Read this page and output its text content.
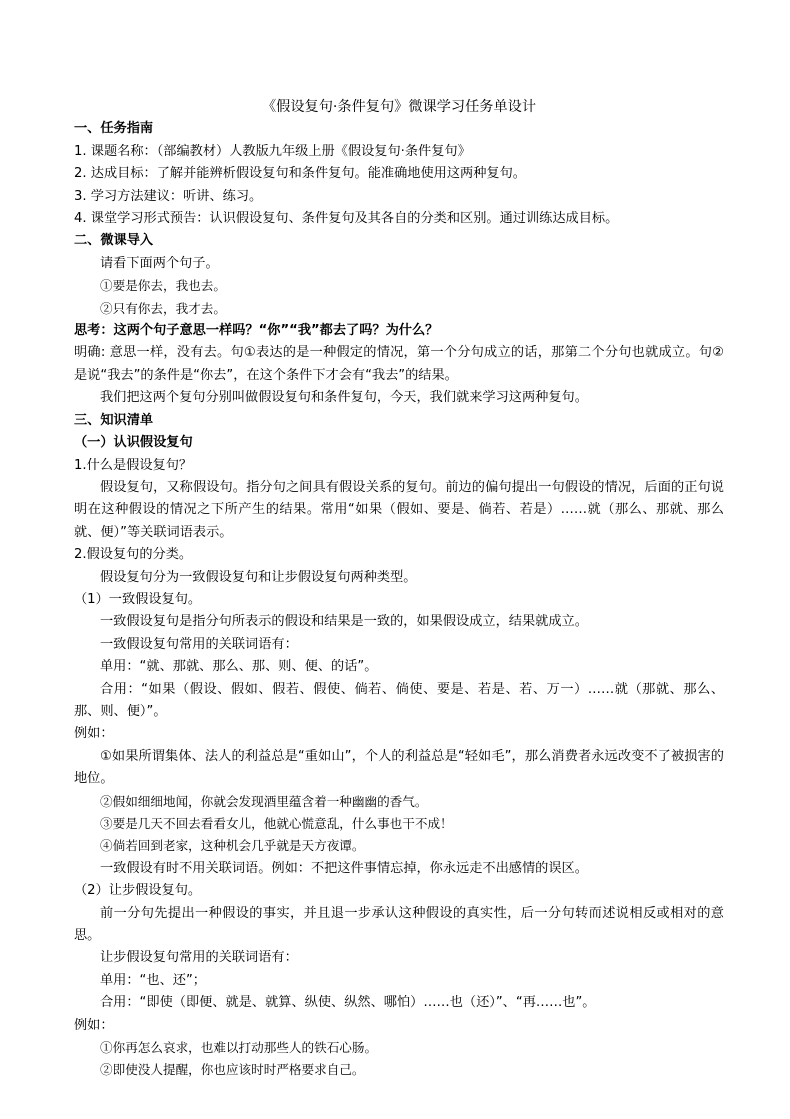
《假设复句·条件复句》微课学习任务单设计
一、任务指南
1. 课题名称：（部编教材）人教版九年级上册《假设复句·条件复句》
2. 达成目标：了解并能辨析假设复句和条件复句。能准确地使用这两种复句。
3. 学习方法建议：听讲、练习。
4. 课堂学习形式预告：认识假设复句、条件复句及其各自的分类和区别。通过训练达成目标。
二、微课导入
请看下面两个句子。
①要是你去，我也去。
②只有你去，我才去。
思考：这两个句子意思一样吗？“你”“我”都去了吗？为什么？
明确: 意思一样，没有去。句①表达的是一种假定的情况，第一个分句成立的话，那第二个分句也就成立。句②是说“我去”的条件是“你去”，在这个条件下才会有“我去”的结果。
我们把这两个复句分别叫做假设复句和条件复句，今天，我们就来学习这两种复句。
三、知识清单
（一）认识假设复句
1.什么是假设复句？
假设复句，又称假设句。指分句之间具有假设关系的复句。前边的偏句提出一句假设的情况，后面的正句说明在这种假设的情况之下所产生的结果。常用“如果（假如、要是、倘若、若是）……就（那么、那就、那么就、便）”等关联词语表示。
2.假设复句的分类。
假设复句分为一致假设复句和让步假设复句两种类型。
（1）一致假设复句。
一致假设复句是指分句所表示的假设和结果是一致的，如果假设成立，结果就成立。
一致假设复句常用的关联词语有：
单用：“就、那就、那么、那、则、便、的话”。
合用：“如果（假设、假如、假若、假使、倘若、倘使、要是、若是、若、万一）……就（那就、那么、那、则、便）”。
例如：
①如果所谓集体、法人的利益总是“重如山”，个人的利益总是“轻如毛”，那么消费者永远改变不了被损害的地位。
②假如细细地闻，你就会发现酒里蕴含着一种幽幽的香气。
③要是几天不回去看看女儿，他就心慌意乱，什么事也干不成！
④倘若回到老家，这种机会几乎就是天方夜谭。
一致假设有时不用关联词语。例如：不把这件事情忘掉，你永远走不出感情的误区。
（2）让步假设复句。
前一分句先提出一种假设的事实，并且退一步承认这种假设的真实性，后一分句转而述说相反或相对的意思。
让步假设复句常用的关联词语有：
单用：“也、还”；
合用：“即使（即便、就是、就算、纵使、纵然、哪怕）……也（还）”、“再……也”。
例如：
①你再怎么哀求，也难以打动那些人的铁石心肠。
②即使没人提醒，你也应该时时严格要求自己。
